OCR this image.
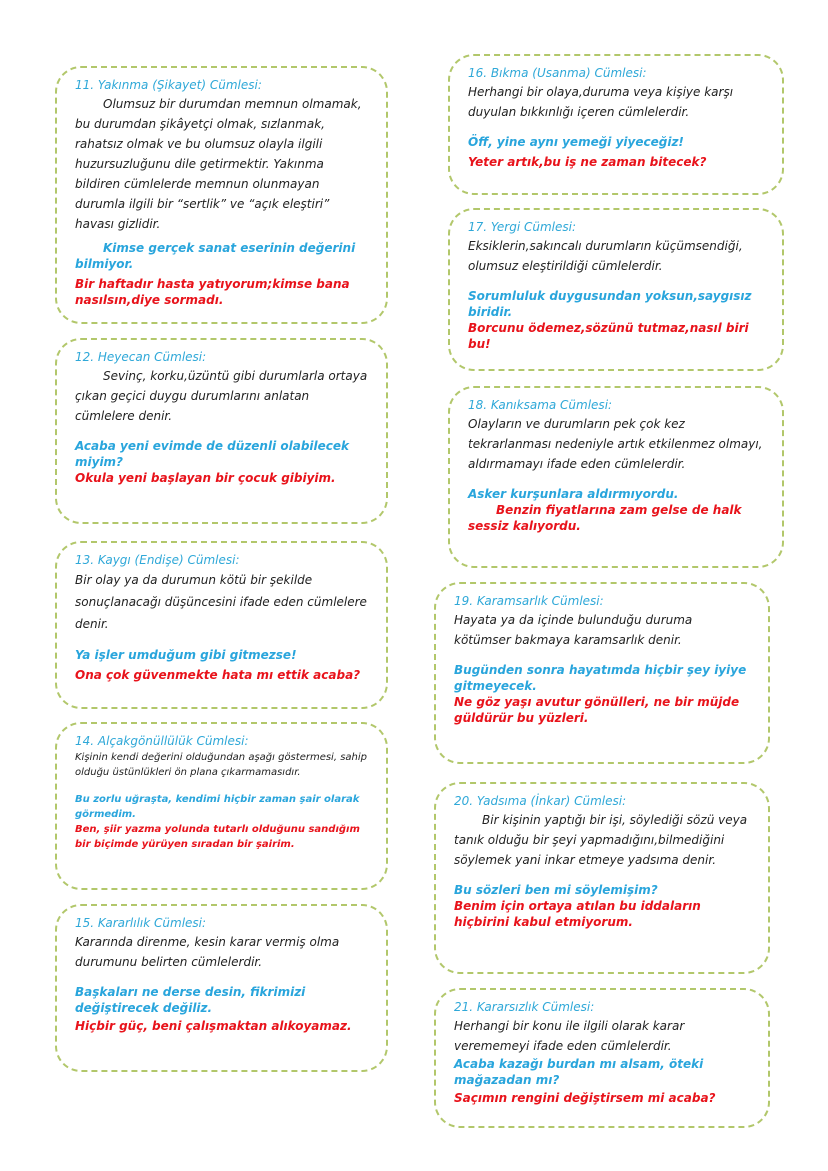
11. Yakınma (Şikayet) Cümlesi:

Olumsuz bir durumdan memnun olmamak, bu durumdan şikâyetçi olmak, sızlanmak, rahatsız olmak ve bu olumsuz olayla ilgili huzursuzluğunu dile getirmektir. Yakınma bildiren cümlelerde memnun olunmayan durumla ilgili bir “sertlik” ve “açık eleştiri” havası gizlidir.

Kimse gerçek sanat eserinin değerini bilmiyor.

Bir haftadır hasta yatıyorum;kimse bana nasılsın,diye sormadı.

12. Heyecan Cümlesi:

Sevinç, korku,üzüntü gibi durumlarla ortaya çıkan geçici duygu durumlarını anlatan cümlelere denir.

Acaba yeni evimde de düzenli olabilecek miyim?

Okula yeni başlayan bir çocuk gibiyim.

13. Kaygı (Endişe) Cümlesi:

Bir olay ya da durumun kötü bir şekilde sonuçlanacağı düşüncesini ifade eden cümlelere denir.

Ya işler umduğum gibi gitmezse!

Ona çok güvenmekte hata mı ettik acaba?

14. Alçakgönüllülük Cümlesi:

Kişinin kendi değerini olduğundan aşağı göstermesi, sahip olduğu üstünlükleri ön plana çıkarmamasıdır.

Bu zorlu uğraşta, kendimi hiçbir zaman şair olarak görmedim.

Ben, şiir yazma yolunda tutarlı olduğunu sandığım bir biçimde yürüyen sıradan bir şairim.

15. Kararlılık Cümlesi:

Kararında direnme, kesin karar vermiş olma durumunu belirten cümlelerdir.

Başkaları ne derse desin, fikrimizi değiştirecek değiliz.

Hiçbir güç, beni çalışmaktan alıkoyamaz.

16. Bıkma (Usanma) Cümlesi:

Herhangi bir olaya,duruma veya kişiye karşı duyulan bıkkınlığı içeren cümlelerdir.

Öff, yine aynı yemeği yiyeceğiz!

Yeter artık,bu iş ne zaman bitecek?

17. Yergi Cümlesi:

Eksiklerin,sakıncalı durumların küçümsendiği, olumsuz eleştirildiği cümlelerdir.

Sorumluluk duygusundan yoksun,saygısız biridir.

Borcunu ödemez,sözünü tutmaz,nasıl biri bu!

18. Kanıksama Cümlesi:

Olayların ve durumların pek çok kez tekrarlanması nedeniyle artık etkilenmez olmayı, aldırmamayı ifade eden cümlelerdir.

Asker kurşunlara aldırmıyordu.

Benzin fiyatlarına zam gelse de halk sessiz kalıyordu.

19. Karamsarlık Cümlesi:

Hayata ya da içinde bulunduğu duruma kötümser bakmaya karamsarlık denir.

Bugünden sonra hayatımda hiçbir şey iyiye gitmeyecek.

Ne göz yaşı avutur gönülleri, ne bir müjde güldürür bu yüzleri.

20. Yadsıma (İnkar) Cümlesi:

Bir kişinin yaptığı bir işi, söylediği sözü veya tanık olduğu bir şeyi yapmadığını,bilmediğini söylemek yani inkar etmeye yadsıma denir.

Bu sözleri ben mi söylemişim?

Benim için ortaya atılan bu iddaların hiçbirini kabul etmiyorum.

21. Kararsızlık Cümlesi:

Herhangi bir konu ile ilgili olarak karar verememeyi ifade eden cümlelerdir.

Acaba kazağı burdan mı alsam, öteki mağazadan mı?

Saçımın rengini değiştirsem mi acaba?
